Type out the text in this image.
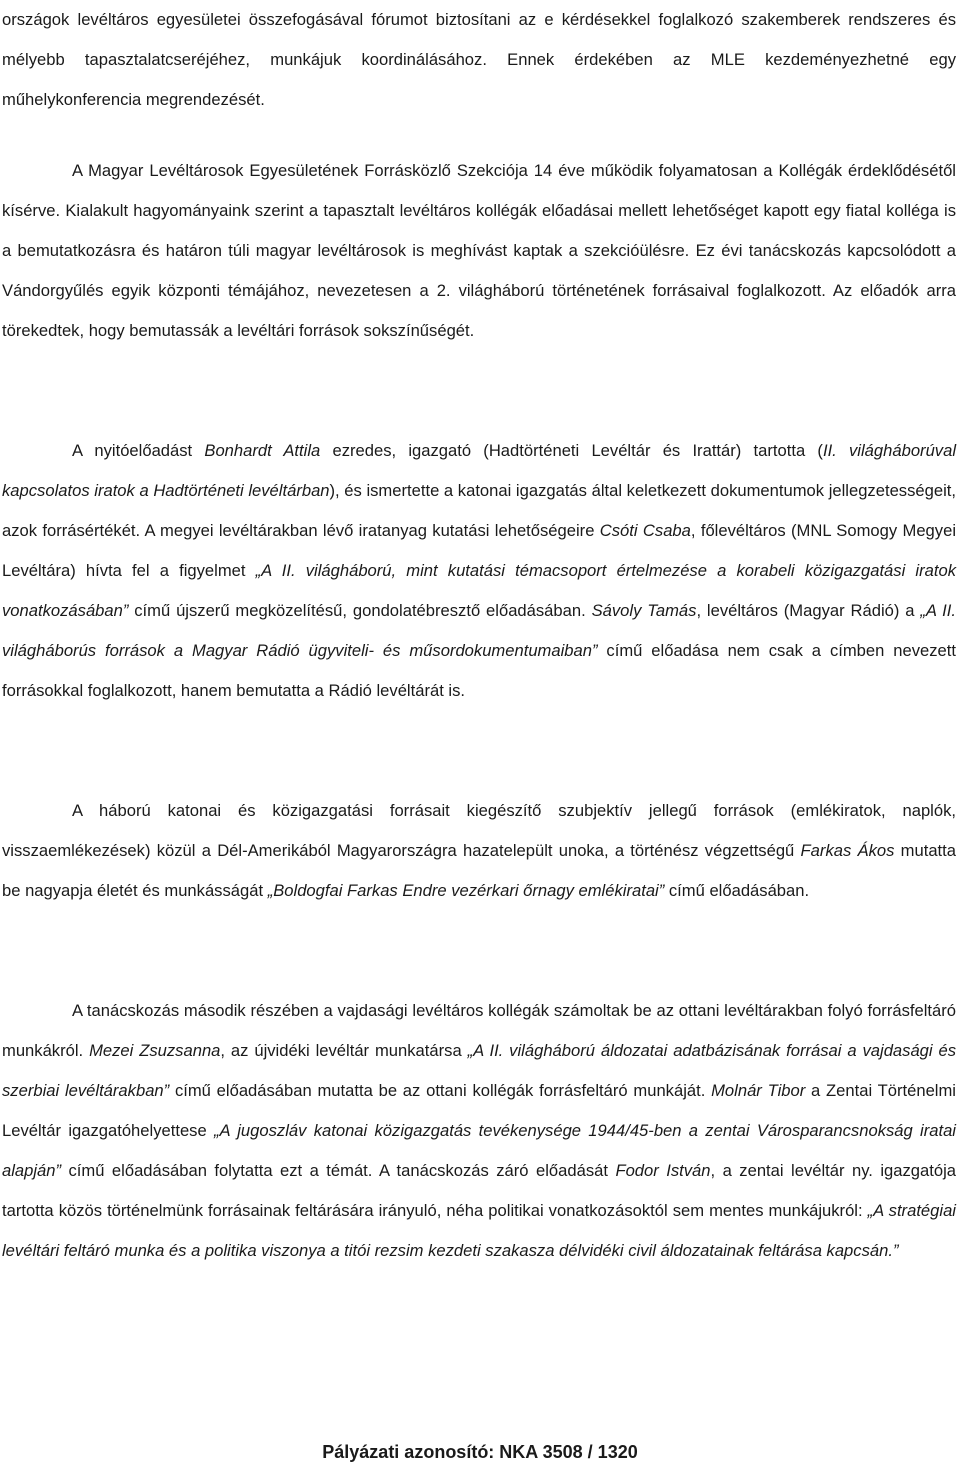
országok levéltáros egyesületei összefogásával fórumot biztosítani az e kérdésekkel foglalkozó szakemberek rendszeres és mélyebb tapasztalatcseréjéhez, munkájuk koordinálásához. Ennek érdekében az MLE kezdeményezhetné egy műhelykonferencia megrendezését.

A Magyar Levéltárosok Egyesületének Forrásközlő Szekciója 14 éve működik folyamatosan a Kollégák érdeklődésétől kísérve. Kialakult hagyományaink szerint a tapasztalt levéltáros kollégák előadásai mellett lehetőséget kapott egy fiatal kolléga is a bemutatkozásra és határon túli magyar levéltárosok is meghívást kaptak a szekcióülésre. Ez évi tanácskozás kapcsolódott a Vándorgyűlés egyik központi témájához, nevezetesen a 2. világháború történetének forrásaival foglalkozott. Az előadók arra törekedtek, hogy bemutassák a levéltári források sokszínűségét.

A nyitóelőadást Bonhardt Attila ezredes, igazgató (Hadtörténeti Levéltár és Irattár) tartotta (II. világháborúval kapcsolatos iratok a Hadtörténeti levéltárban), és ismertette a katonai igazgatás által keletkezett dokumentumok jellegzetességeit, azok forrásértékét. A megyei levéltárakban lévő iratanyag kutatási lehetőségeire Csóti Csaba, főlevéltáros (MNL Somogy Megyei Levéltára) hívta fel a figyelmet „A II. világháború, mint kutatási témacsoport értelmezése a korabeli közigazgatási iratok vonatkozásában” című újszerű megközelítésű, gondolatébresztő előadásában. Sávoly Tamás, levéltáros (Magyar Rádió) a „A II. világháborús források a Magyar Rádió ügyviteli- és műsordokumentumaiban” című előadása nem csak a címben nevezett forrásokkal foglalkozott, hanem bemutatta a Rádió levéltárát is.

A háború katonai és közigazgatási forrásait kiegészítő szubjektív jellegű források (emlékiratok, naplók, visszaemlékezések) közül a Dél-Amerikából Magyarországra hazatelepült unoka, a történész végzettségű Farkas Ákos mutatta be nagyapja életét és munkásságát „Boldogfai Farkas Endre vezérkari őrnagy emlékiratai” című előadásában.

A tanácskozás második részében a vajdasági levéltáros kollégák számoltak be az ottani levéltárakban folyó forrásfeltáró munkákról. Mezei Zsuzsanna, az újvidéki levéltár munkatársa „A II. világháború áldozatai adatbázisának forrásai a vajdasági és szerbiai levéltárakban” című előadásában mutatta be az ottani kollégák forrásfeltáró munkáját. Molnár Tibor a Zentai Történelmi Levéltár igazgatóhelyettese „A jugoszláv katonai közigazgatás tevékenysége 1944/45-ben a zentai Városparancsnokság iratai alapján” című előadásában folytatta ezt a témát. A tanácskozás záró előadását Fodor István, a zentai levéltár ny. igazgatója tartotta közös történelmünk forrásainak feltárására irányuló, néha politikai vonatkozásoktól sem mentes munkájukról: „A stratégiai levéltári feltáró munka és a politika viszonya a titói rezsim kezdeti szakasza délvidéki civil áldozatainak feltárása kapcsán.”

Pályázati azonosító: NKA 3508 / 1320
